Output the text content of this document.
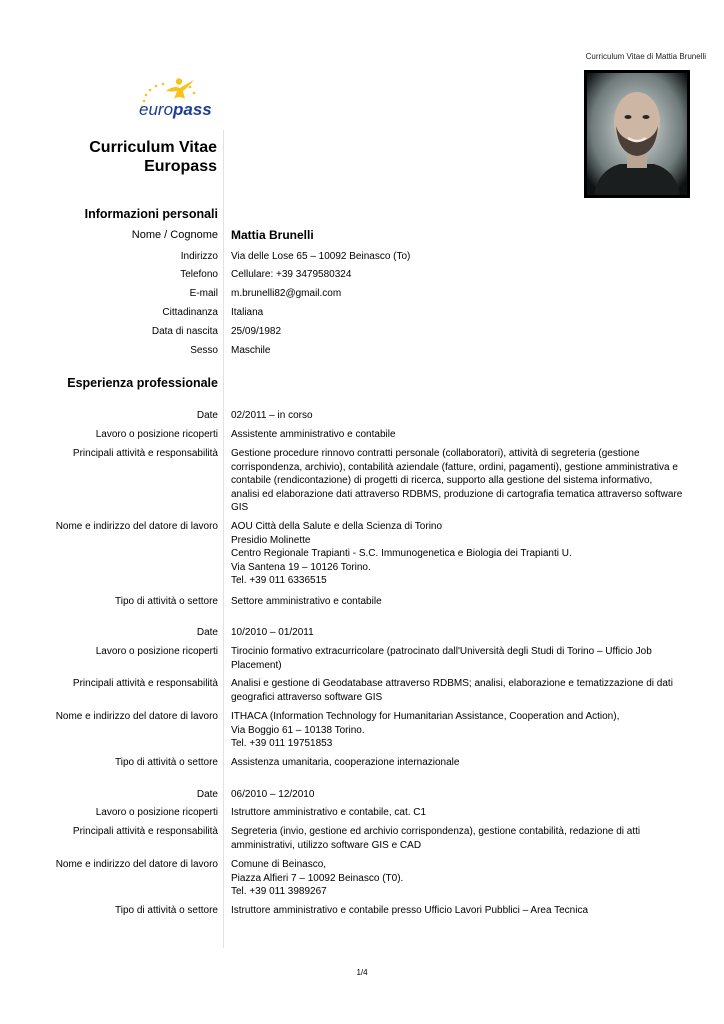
Curriculum Vitae di Mattia Brunelli
euro pass
Curriculum Vitae
Europass
Informazioni personali
Nome / Cognome Mattia Brunelli
Indirizzo Via delle Lose 65 – 10092 Beinasco (To)
Telefono Cellulare: +39 3479580324
E-mail m.brunelli82@gmail.com
Cittadinanza Italiana
Data di nascita 25/09/1982
Sesso Maschile
Esperienza professionale
Date 02/2011 – in corso
Lavoro o posizione ricoperti Assistente amministrativo e contabile
Principali attività e responsabilità Gestione procedure rinnovo contratti personale (collaboratori), attività di segreteria (gestione
corrispondenza, archivio), contabilità aziendale (fatture, ordini, pagamenti), gestione amministrativa e
contabile (rendicontazione) di progetti di ricerca, supporto alla gestione del sistema informativo,
analisi ed elaborazione dati attraverso RDBMS, produzione di cartografia tematica attraverso software
GIS
Nome e indirizzo del datore di lavoro AOU Città della Salute e della Scienza di Torino
Presidio Molinette
Centro Regionale Trapianti - S.C. Immunogenetica e Biologia dei Trapianti U.
Via Santena 19 – 10126 Torino.
Tel. +39 011 6336515
Tipo di attività o settore Settore amministrativo e contabile
Date 10/2010 – 01/2011
Lavoro o posizione ricoperti Tirocinio formativo extracurricolare (patrocinato dall'Università degli Studi di Torino – Ufficio Job
Placement)
Principali attività e responsabilità Analisi e gestione di Geodatabase attraverso RDBMS; analisi, elaborazione e tematizzazione di dati
geografici attraverso software GIS
Nome e indirizzo del datore di lavoro ITHACA (Information Technology for Humanitarian Assistance, Cooperation and Action),
Via Boggio 61 – 10138 Torino.
Tel. +39 011 19751853
Tipo di attività o settore Assistenza umanitaria, cooperazione internazionale
Date 06/2010 – 12/2010
Lavoro o posizione ricoperti Istruttore amministrativo e contabile, cat. C1
Principali attività e responsabilità Segreteria (invio, gestione ed archivio corrispondenza), gestione contabilità, redazione di atti
amministrativi, utilizzo software GIS e CAD
Nome e indirizzo del datore di lavoro Comune di Beinasco,
Piazza Alfieri 7 – 10092 Beinasco (T0).
Tel. +39 011 3989267
Tipo di attività o settore Istruttore amministrativo e contabile presso Ufficio Lavori Pubblici – Area Tecnica
1/4
